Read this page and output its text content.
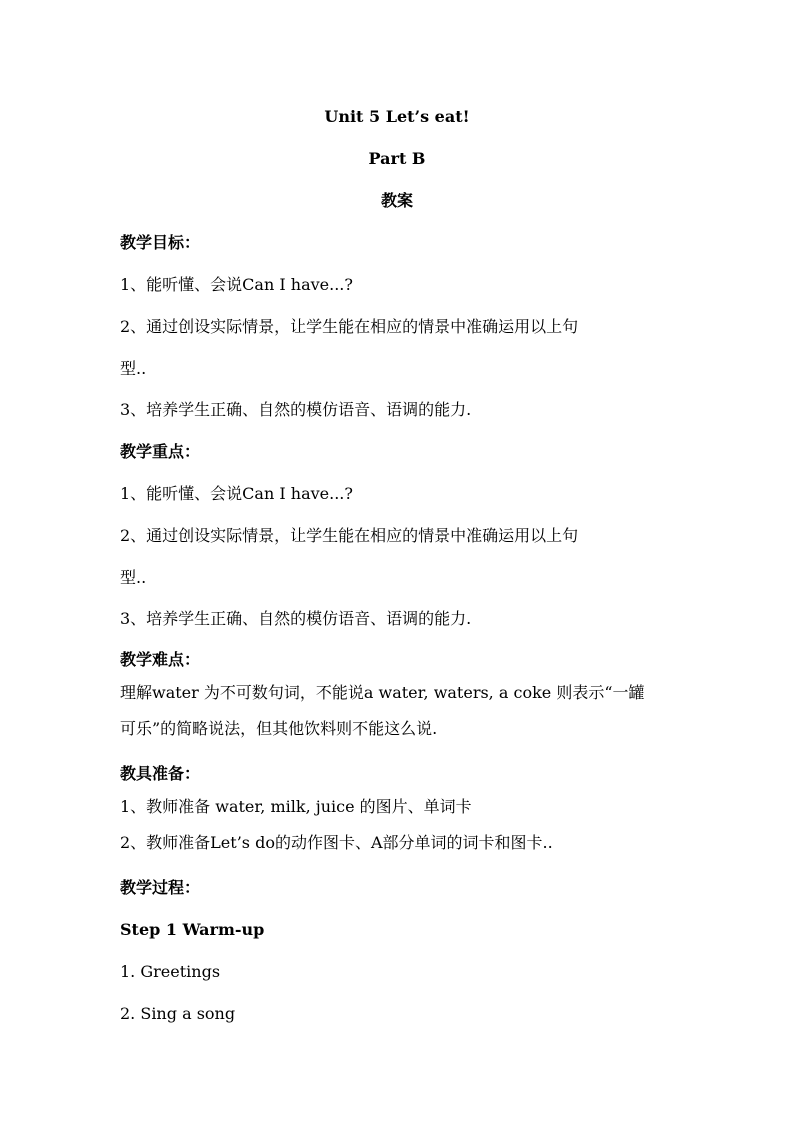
Unit 5 Let’s eat!
Part B
教案
教学目标：
1、能听懂、会说Can I have...?
2、通过创设实际情景，让学生能在相应的情景中准确运用以上句
型..
3、培养学生正确、自然的模仿语音、语调的能力.
教学重点：
1、能听懂、会说Can I have...?
2、通过创设实际情景，让学生能在相应的情景中准确运用以上句
型..
3、培养学生正确、自然的模仿语音、语调的能力.
教学难点：
理解water 为不可数句词，不能说a water, waters, a coke 则表示“一罐
可乐”的简略说法，但其他饮料则不能这么说.
教具准备：
1、教师准备 water, milk, juice 的图片、单词卡
2、教师准备Let’s do的动作图卡、A部分单词的词卡和图卡..
教学过程：
Step 1 Warm-up
1. Greetings
2. Sing a song
